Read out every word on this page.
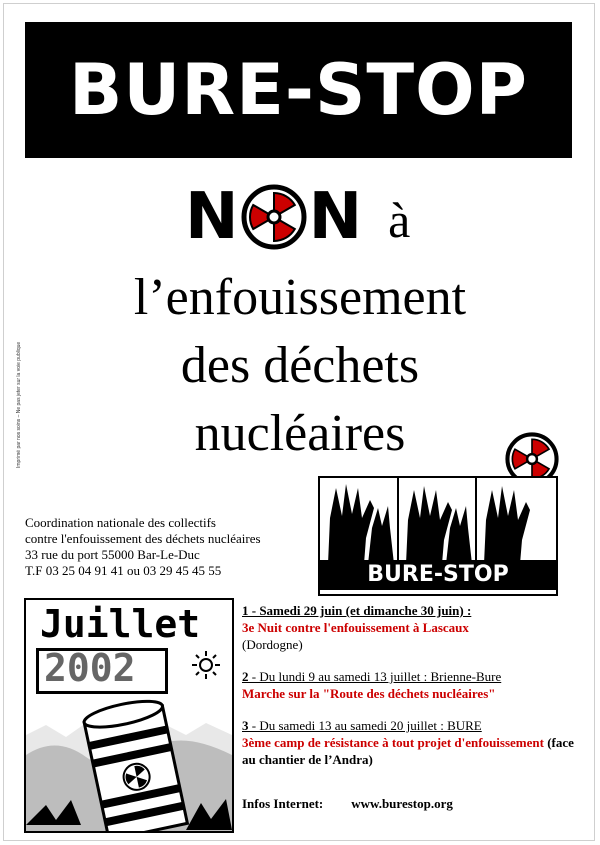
BURE-STOP
N N à
l’enfouissement
des déchets
nucléaires
Imprimé par nos soins – Ne pas jeter sur la voie publique
BURE-STOP
Coordination nationale des collectifs
contre l'enfouissement des déchets nucléaires
33 rue du port 55000 Bar-Le-Duc
T.F 03 25 04 91 41 ou 03 29 45 45 55
Juillet
2002
1 - Samedi 29 juin (et dimanche 30 juin) :
3e Nuit contre l'enfouissement à Lascaux
(Dordogne)
2 - Du lundi 9 au samedi 13 juillet : Brienne-Bure
Marche sur la "Route des déchets nucléaires"
3 - Du samedi 13 au samedi 20 juillet : BURE
3ème camp de résistance à tout projet d'enfouissement (face au chantier de l’Andra)
Infos Internet: www.burestop.org
